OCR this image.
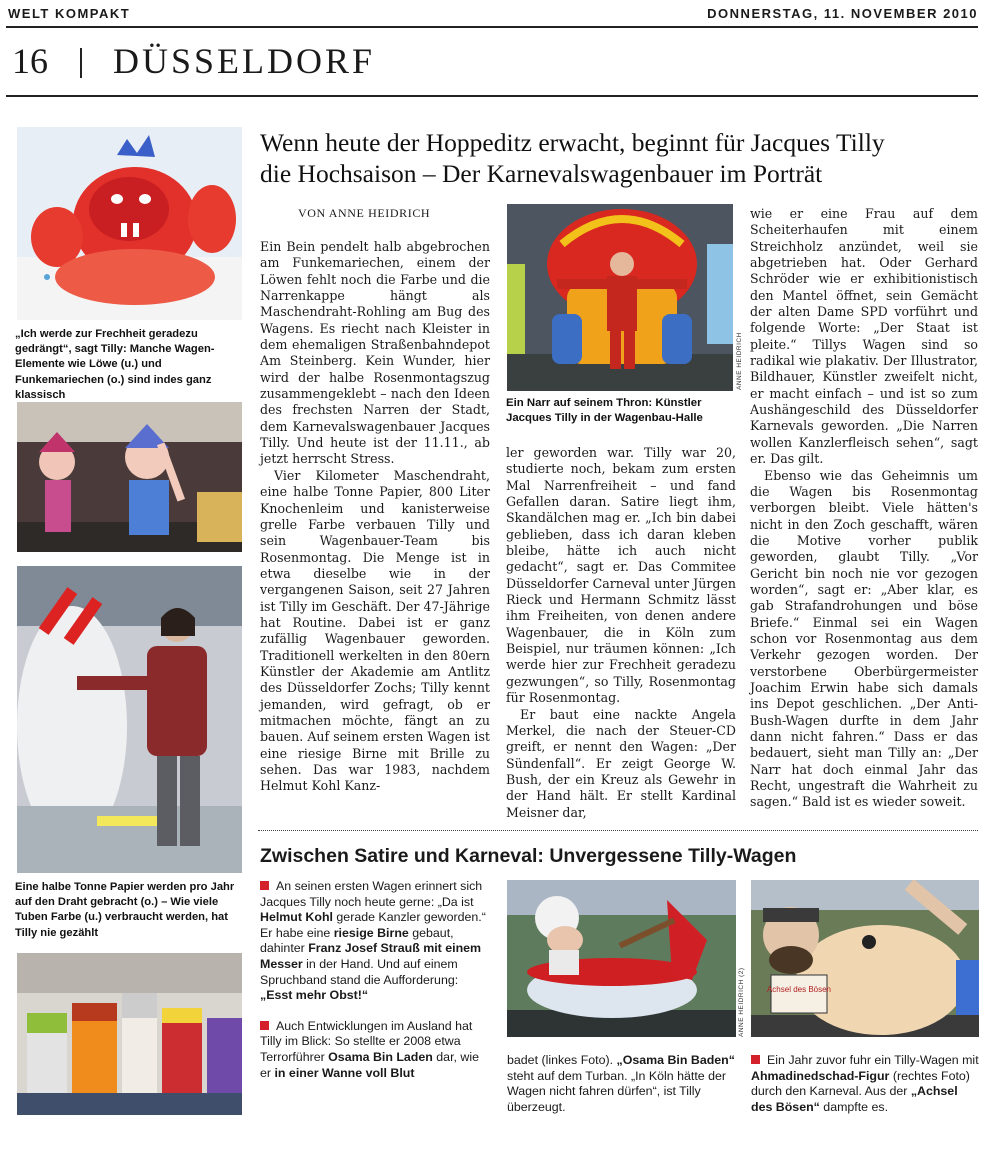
WELT KOMPAKT	DONNERSTAG, 11. NOVEMBER 2010
16 DÜSSELDORF
„Ich werde zur Frechheit geradezu gedrängt“, sagt Tilly: Manche Wagen-Elemente wie Löwe (u.) und Funkemariechen (o.) sind indes ganz klassisch
Eine halbe Tonne Papier werden pro Jahr auf den Draht gebracht (o.) – Wie viele Tuben Farbe (u.) verbraucht werden, hat Tilly nie gezählt
Wenn heute der Hoppeditz erwacht, beginnt für Jacques Tilly
die Hochsaison – Der Karnevalswagenbauer im Porträt
VON ANNE HEIDRICH

Ein Bein pendelt halb abgebrochen am Funkemariechen, einem der Löwen fehlt noch die Farbe und die Narrenkappe hängt als Maschendraht-Rohling am Bug des Wagens. Es riecht nach Kleister in dem ehemaligen Straßenbahndepot Am Steinberg. Kein Wunder, hier wird der halbe Rosenmontagszug zusammengeklebt – nach den Ideen des frechsten Narren der Stadt, dem Karnevalswagenbauer Jacques Tilly. Und heute ist der 11.11., ab jetzt herrscht Stress.

Vier Kilometer Maschendraht, eine halbe Tonne Papier, 800 Liter Knochenleim und kanisterweise grelle Farbe verbauen Tilly und sein Wagenbauer-Team bis Rosenmontag. Die Menge ist in etwa dieselbe wie in der vergangenen Saison, seit 27 Jahren ist Tilly im Geschäft. Der 47-Jährige hat Routine. Dabei ist er ganz zufällig Wagenbauer geworden. Traditionell werkelten in den 80ern Künstler der Akademie am Antlitz des Düsseldorfer Zochs; Tilly kennt jemanden, wird gefragt, ob er mitmachen möchte, fängt an zu bauen. Auf seinem ersten Wagen ist eine riesige Birne mit Brille zu sehen. Das war 1983, nachdem Helmut Kohl Kanz-

ANNE HEIDRICH
Ein Narr auf seinem Thron: Künstler Jacques Tilly in der Wagenbau-Halle

ler geworden war. Tilly war 20, studierte noch, bekam zum ersten Mal Narrenfreiheit – und fand Gefallen daran. Satire liegt ihm, Skandälchen mag er. „Ich bin dabei geblieben, dass ich daran kleben bleibe, hätte ich auch nicht gedacht“, sagt er. Das Commitee Düsseldorfer Carneval unter Jürgen Rieck und Hermann Schmitz lässt ihm Freiheiten, von denen andere Wagenbauer, die in Köln zum Beispiel, nur träumen können: „Ich werde hier zur Frechheit geradezu gezwungen“, so Tilly, Rosenmontag für Rosenmontag.

Er baut eine nackte Angela Merkel, die nach der Steuer-CD greift, er nennt den Wagen: „Der Sündenfall“. Er zeigt George W. Bush, der ein Kreuz als Gewehr in der Hand hält. Er stellt Kardinal Meisner dar,

wie er eine Frau auf dem Scheiterhaufen mit einem Streichholz anzündet, weil sie abgetrieben hat. Oder Gerhard Schröder wie er exhibitionistisch den Mantel öffnet, sein Gemächt der alten Dame SPD vorführt und folgende Worte: „Der Staat ist pleite.“ Tillys Wagen sind so radikal wie plakativ. Der Illustrator, Bildhauer, Künstler zweifelt nicht, er macht einfach – und ist so zum Aushängeschild des Düsseldorfer Karnevals geworden. „Die Narren wollen Kanzlerfleisch sehen“, sagt er. Das gilt.

Ebenso wie das Geheimnis um die Wagen bis Rosenmontag verborgen bleibt. Viele hätten's nicht in den Zoch geschafft, wären die Motive vorher publik geworden, glaubt Tilly. „Vor Gericht bin noch nie vor gezogen worden“, sagt er: „Aber klar, es gab Strafandrohungen und böse Briefe.“ Einmal sei ein Wagen schon vor Rosenmontag aus dem Verkehr gezogen worden. Der verstorbene Oberbürgermeister Joachim Erwin habe sich damals ins Depot geschlichen. „Der Anti-Bush-Wagen durfte in dem Jahr dann nicht fahren.“ Dass er das bedauert, sieht man Tilly an: „Der Narr hat doch einmal Jahr das Recht, ungestraft die Wahrheit zu sagen.“ Bald ist es wieder soweit.

Zwischen Satire und Karneval: Unvergessene Tilly-Wagen

An seinen ersten Wagen erinnert sich Jacques Tilly noch heute gerne: „Da ist Helmut Kohl gerade Kanzler geworden.“ Er habe eine riesige Birne gebaut, dahinter Franz Josef Strauß mit einem Messer in der Hand. Und auf einem Spruchband stand die Aufforderung: „Esst mehr Obst!“

Auch Entwicklungen im Ausland hat Tilly im Blick: So stellte er 2008 etwa Terrorführer Osama Bin Laden dar, wie er in einer Wanne voll Blut

ANNE HEIDRICH (2)	Achsel des Bösen

badet (linkes Foto). „Osama Bin Baden“ steht auf dem Turban. „In Köln hätte der Wagen nicht fahren dürfen“, ist Tilly überzeugt.

Ein Jahr zuvor fuhr ein Tilly-Wagen mit Ahmadinedschad-Figur (rechtes Foto) durch den Karneval. Aus der „Achsel des Bösen“ dampfte es.
